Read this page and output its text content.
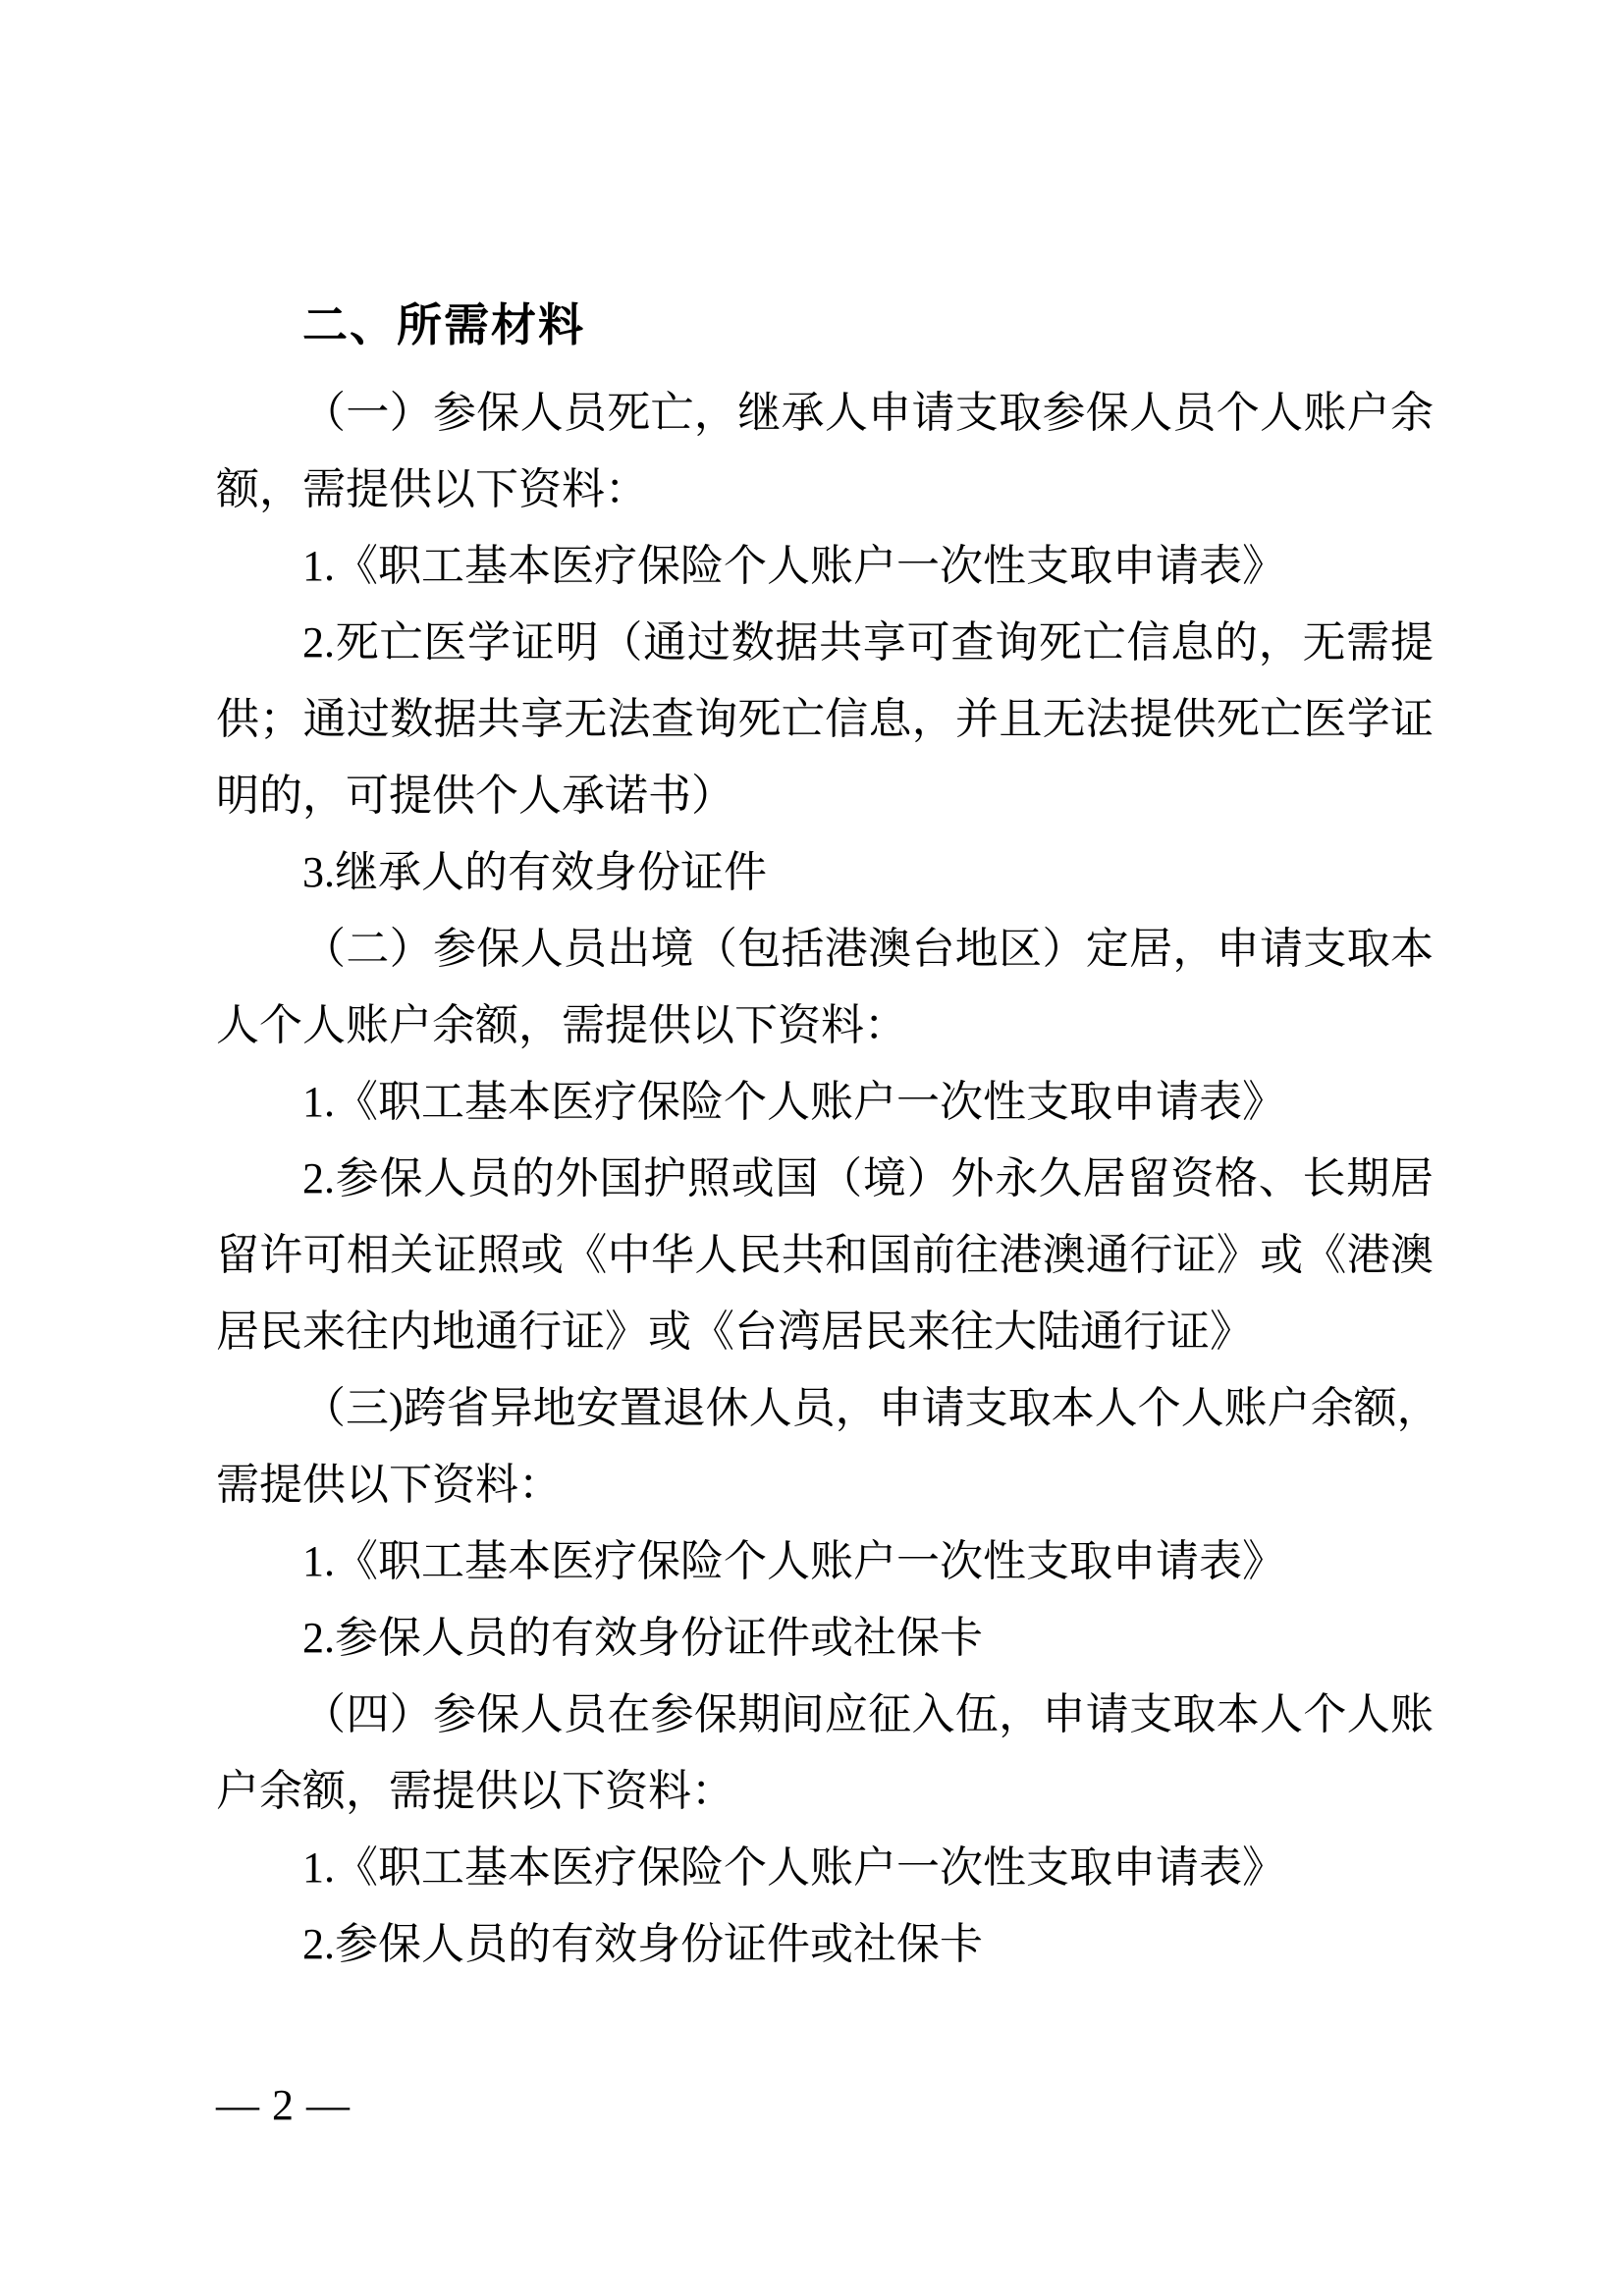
二、所需材料
（一）参保人员死亡，继承人申请支取参保人员个人账户余
额，需提供以下资料：
1.《职工基本医疗保险个人账户一次性支取申请表》
2.死亡医学证明（通过数据共享可查询死亡信息的，无需提
供；通过数据共享无法查询死亡信息，并且无法提供死亡医学证
明的，可提供个人承诺书）
3.继承人的有效身份证件
（二）参保人员出境（包括港澳台地区）定居，申请支取本
人个人账户余额，需提供以下资料：
1.《职工基本医疗保险个人账户一次性支取申请表》
2.参保人员的外国护照或国（境）外永久居留资格、长期居
留许可相关证照或《中华人民共和国前往港澳通行证》或《港澳
居民来往内地通行证》或《台湾居民来往大陆通行证》
（三)跨省异地安置退休人员，申请支取本人个人账户余额，
需提供以下资料：
1.《职工基本医疗保险个人账户一次性支取申请表》
2.参保人员的有效身份证件或社保卡
（四）参保人员在参保期间应征入伍，申请支取本人个人账
户余额，需提供以下资料：
1.《职工基本医疗保险个人账户一次性支取申请表》
2.参保人员的有效身份证件或社保卡
— 2 —
